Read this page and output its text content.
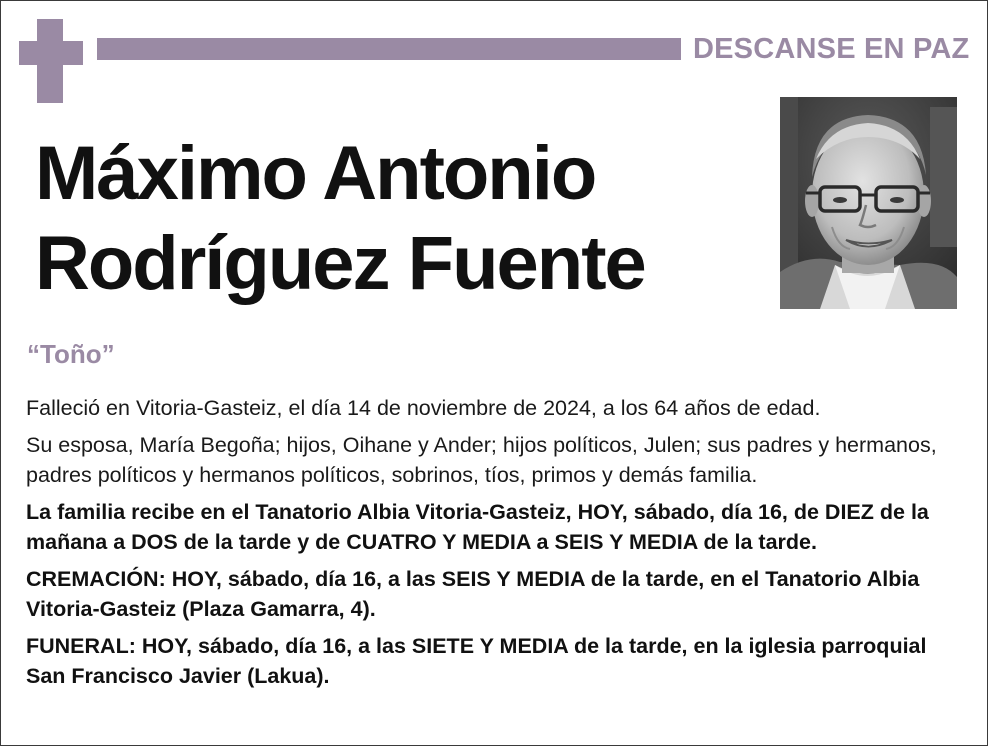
DESCANSE EN PAZ
Máximo Antonio
Rodríguez Fuente
“Toño”

Falleció en Vitoria-Gasteiz, el día 14 de noviembre de 2024, a los 64 años de edad.

Su esposa, María Begoña; hijos, Oihane y Ander; hijos políticos, Julen; sus padres y hermanos, padres políticos y hermanos políticos, sobrinos, tíos, primos y demás familia.

La familia recibe en el Tanatorio Albia Vitoria-Gasteiz, HOY, sábado, día 16, de DIEZ de la mañana a DOS de la tarde y de CUATRO Y MEDIA a SEIS Y MEDIA de la tarde.

CREMACIÓN: HOY, sábado, día 16, a las SEIS Y MEDIA de la tarde, en el Tanatorio Albia Vitoria-Gasteiz (Plaza Gamarra, 4).

FUNERAL: HOY, sábado, día 16, a las SIETE Y MEDIA de la tarde, en la iglesia parroquial San Francisco Javier (Lakua).
